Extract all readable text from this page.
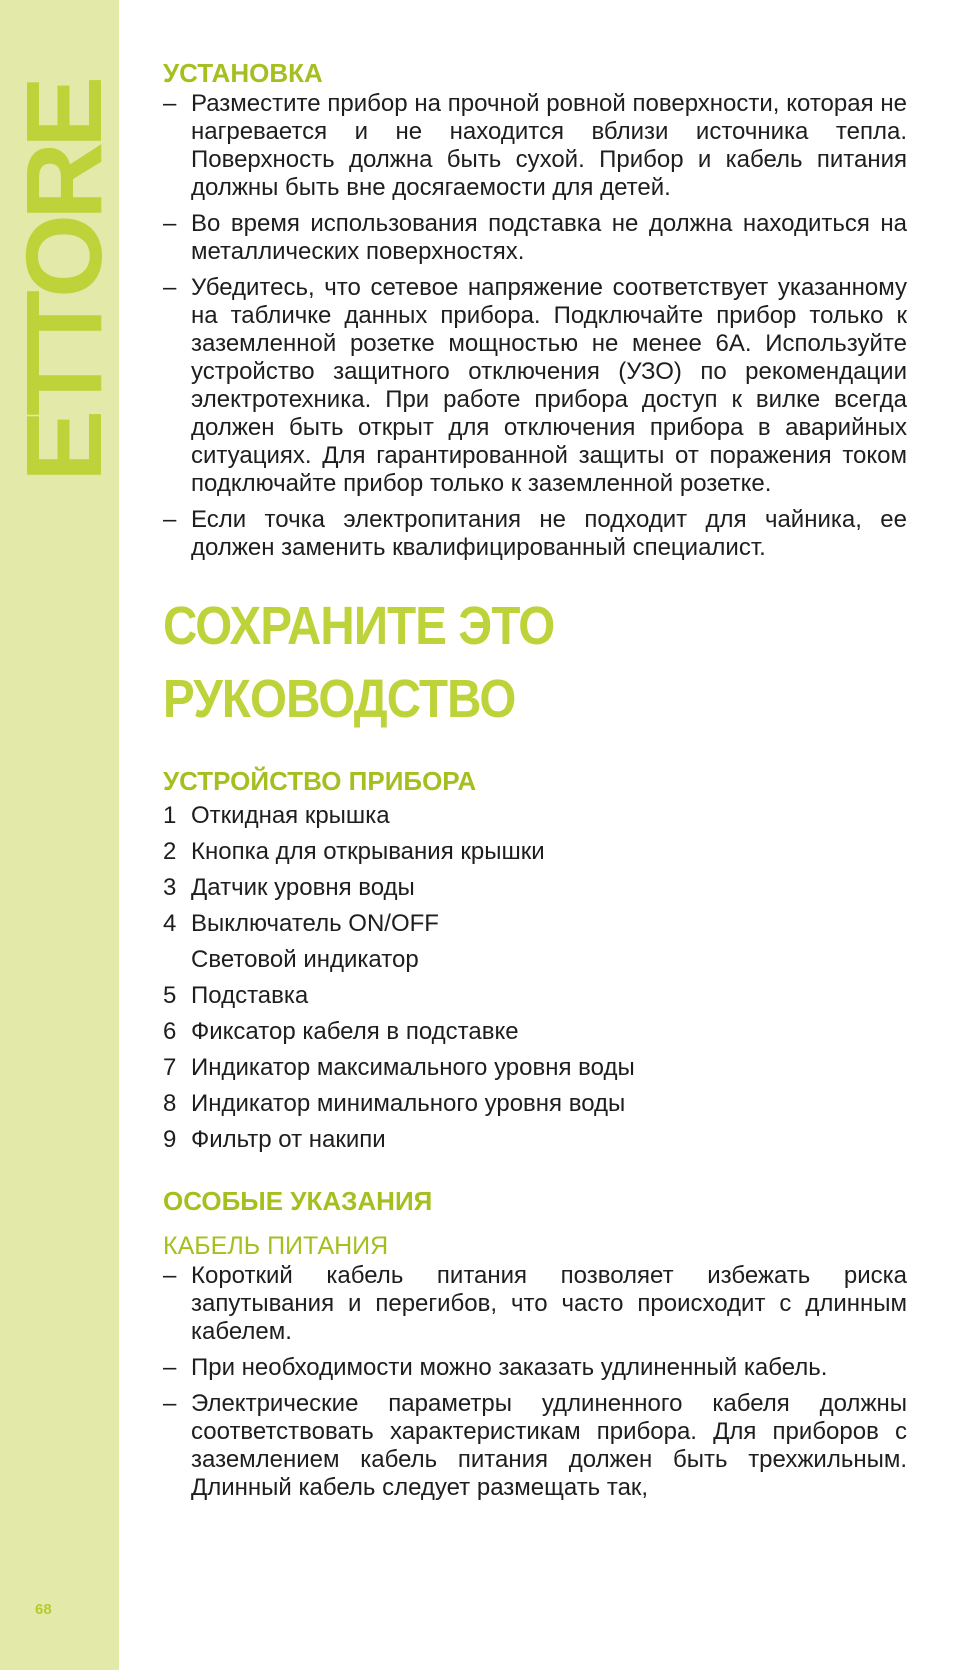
ETTORE
68
УСТАНОВКА
– Разместите прибор на прочной ровной поверхности, которая не нагревается и не находится вблизи источника тепла. Поверхность должна быть сухой. Прибор и кабель питания должны быть вне досягаемости для детей.
– Во время использования подставка не должна находиться на металлических поверхностях.
– Убедитесь, что сетевое напряжение соответствует указанному на табличке данных прибора. Подключайте прибор только к заземленной розетке мощностью не менее 6А. Используйте устройство защитного отключения (УЗО) по рекомендации электротехника. При работе прибора доступ к вилке всегда должен быть открыт для отключения прибора в аварийных ситуациях. Для гарантированной защиты от поражения током подключайте прибор только к заземленной розетке.
– Если точка электропитания не подходит для чайника, ее должен заменить квалифицированный специалист.
СОХРАНИТЕ ЭТО
РУКОВОДСТВО
УСТРОЙСТВО ПРИБОРА
1 Откидная крышка
2 Кнопка для открывания крышки
3 Датчик уровня воды
4 Выключатель ON/OFF
Световой индикатор
5 Подставка
6 Фиксатор кабеля в подставке
7 Индикатор максимального уровня воды
8 Индикатор минимального уровня воды
9 Фильтр от накипи
ОСОБЫЕ УКАЗАНИЯ
КАБЕЛЬ ПИТАНИЯ
– Короткий кабель питания позволяет избежать риска запутывания и перегибов, что часто происходит с длинным кабелем.
– При необходимости можно заказать удлиненный кабель.
– Электрические параметры удлиненного кабеля должны соответствовать характеристикам прибора. Для приборов с заземлением кабель питания должен быть трехжильным. Длинный кабель следует размещать так,
